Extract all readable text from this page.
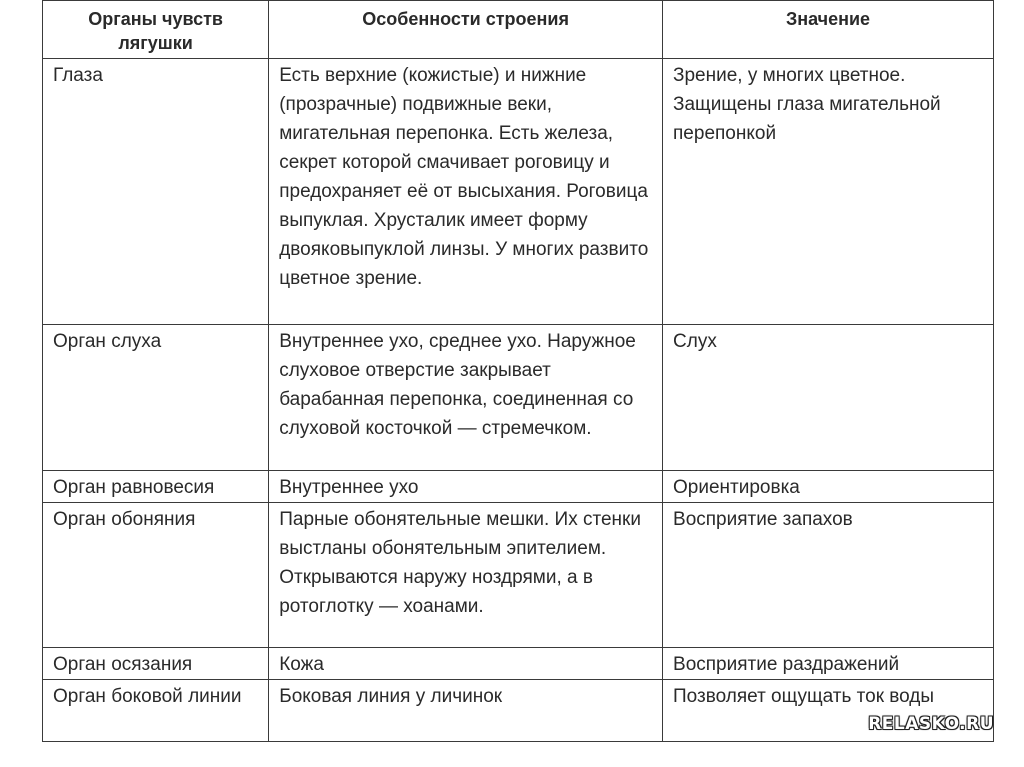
Органы чувств лягушки	Особенности строения	Значение
Глаза	Есть верхние (кожистые) и нижние (прозрачные) подвижные веки, мигательная перепонка. Есть железа, секрет которой смачивает роговицу и предохраняет её от высыхания. Роговица выпуклая. Хрусталик имеет форму двояковыпуклой линзы. У многих развито цветное зрение.	Зрение, у многих цветное. Защищены глаза мигательной перепонкой
Орган слуха	Внутреннее ухо, среднее ухо. Наружное слуховое отверстие закрывает барабанная перепонка, соединенная со слуховой косточкой — стремечком.	Слух
Орган равновесия	Внутреннее ухо	Ориентировка
Орган обоняния	Парные обонятельные мешки. Их стенки выстланы обонятельным эпителием. Открываются наружу ноздрями, а в ротоглотку — хоанами.	Восприятие запахов
Орган осязания	Кожа	Восприятие раздражений
Орган боковой линии	Боковая линия у личинок	Позволяет ощущать ток воды
RELASKO.RU
